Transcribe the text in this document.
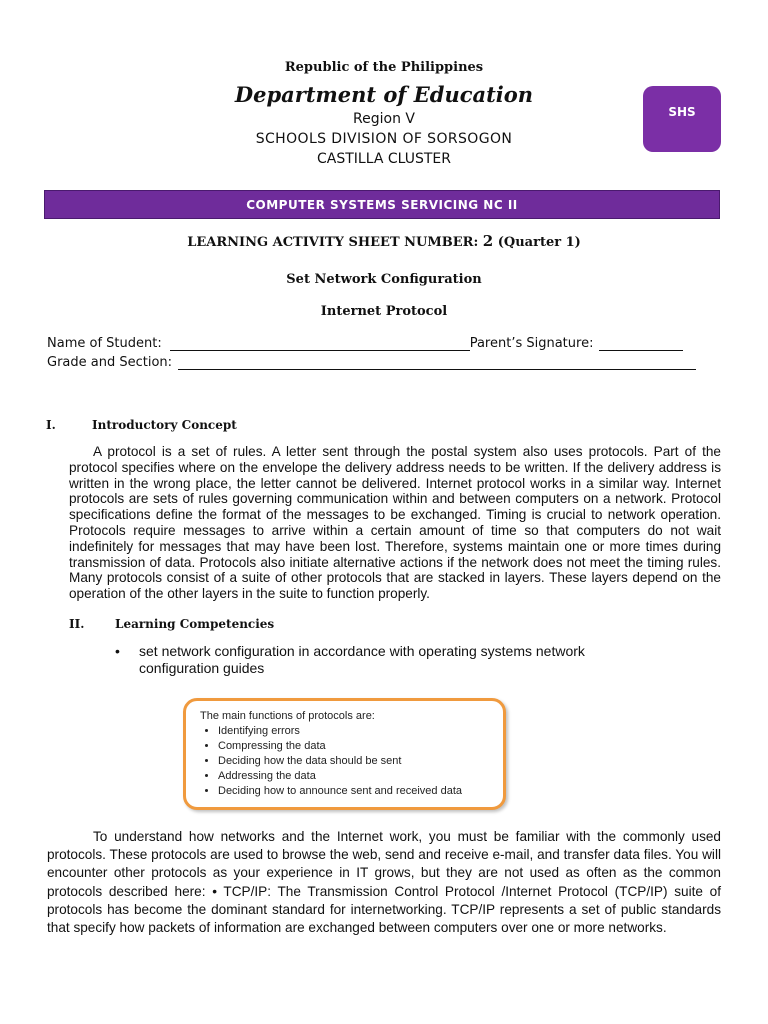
Republic of the Philippines
Department of Education
Region V
SCHOOLS DIVISION OF SORSOGON
CASTILLA CLUSTER
SHS
COMPUTER SYSTEMS SERVICING NC II
LEARNING ACTIVITY SHEET NUMBER: 2 (Quarter 1)
Set Network Configuration
Internet Protocol
Name of Student:	Parent’s Signature:
Grade and Section:
I.	Introductory Concept

A protocol is a set of rules. A letter sent through the postal system also uses protocols. Part of the protocol specifies where on the envelope the delivery address needs to be written. If the delivery address is written in the wrong place, the letter cannot be delivered. Internet protocol works in a similar way. Internet protocols are sets of rules governing communication within and between computers on a network. Protocol specifications define the format of the messages to be exchanged. Timing is crucial to network operation. Protocols require messages to arrive within a certain amount of time so that computers do not wait indefinitely for messages that may have been lost. Therefore, systems maintain one or more times during transmission of data. Protocols also initiate alternative actions if the network does not meet the timing rules. Many protocols consist of a suite of other protocols that are stacked in layers. These layers depend on the operation of the other layers in the suite to function properly.

II.	Learning Competencies
• set network configuration in accordance with operating systems network configuration guides
The main functions of protocols are:
• Identifying errors
• Compressing the data
• Deciding how the data should be sent
• Addressing the data
• Deciding how to announce sent and received data

To understand how networks and the Internet work, you must be familiar with the commonly used protocols. These protocols are used to browse the web, send and receive e-mail, and transfer data files. You will encounter other protocols as your experience in IT grows, but they are not used as often as the common protocols described here: • TCP/IP: The Transmission Control Protocol /Internet Protocol (TCP/IP) suite of protocols has become the dominant standard for internetworking. TCP/IP represents a set of public standards that specify how packets of information are exchanged between computers over one or more networks.
